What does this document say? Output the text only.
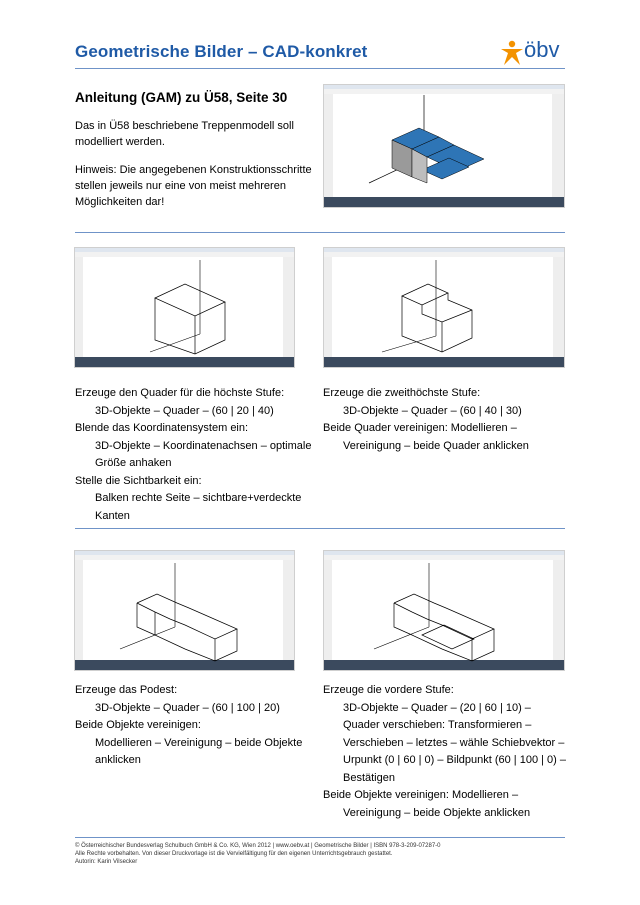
Geometrische Bilder – CAD-konkret	öbv
Anleitung (GAM) zu Ü58, Seite 30
Das in Ü58 beschriebene Treppenmodell soll modelliert werden.
Hinweis: Die angegebenen Konstruktionsschritte stellen jeweils nur eine von meist mehreren Möglichkeiten dar!
Erzeuge den Quader für die höchste Stufe:
3D-Objekte – Quader – (60 | 20 | 40)
Blende das Koordinatensystem ein:
3D-Objekte – Koordinatenachsen – optimale Größe anhaken
Stelle die Sichtbarkeit ein:
Balken rechte Seite – sichtbare+verdeckte Kanten
Erzeuge die zweithöchste Stufe:
3D-Objekte – Quader – (60 | 40 | 30)
Beide Quader vereinigen: Modellieren –
Vereinigung – beide Quader anklicken
Erzeuge das Podest:
3D-Objekte – Quader – (60 | 100 | 20)
Beide Objekte vereinigen:
Modellieren – Vereinigung – beide Objekte anklicken
Erzeuge die vordere Stufe:
3D-Objekte – Quader – (20 | 60 | 10) – Quader verschieben: Transformieren – Verschieben – letztes – wähle Schiebvektor – Urpunkt (0 | 60 | 0) – Bildpunkt (60 | 100 | 0) – Bestätigen
Beide Objekte vereinigen: Modellieren –
Vereinigung – beide Objekte anklicken
© Österreichischer Bundesverlag Schulbuch GmbH & Co. KG, Wien 2012 | www.oebv.at | Geometrische Bilder | ISBN 978-3-209-07287-0
Alle Rechte vorbehalten. Von dieser Druckvorlage ist die Vervielfältigung für den eigenen Unterrichtsgebrauch gestattet.
Autorin: Karin Vilsecker
